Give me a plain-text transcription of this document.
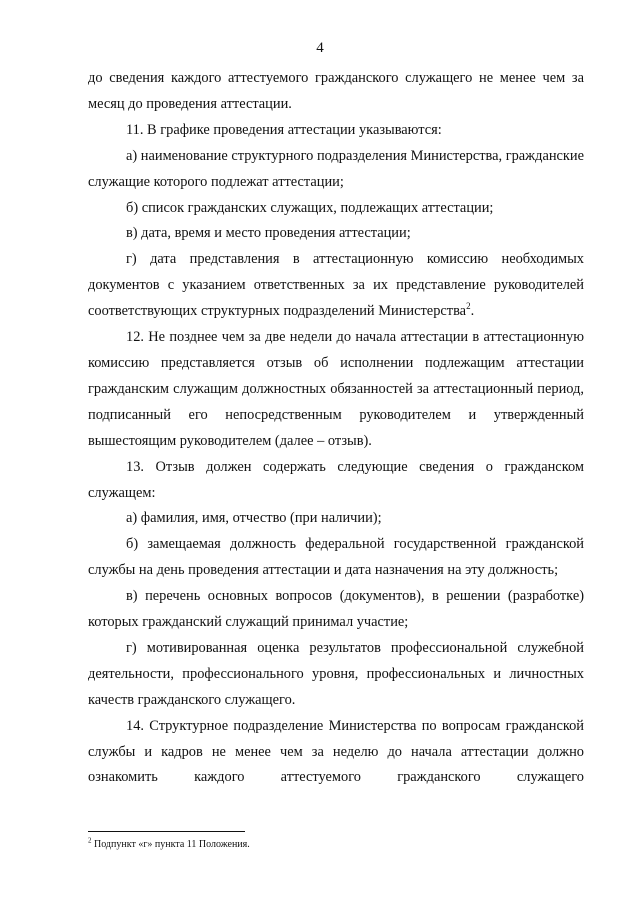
4

до сведения каждого аттестуемого гражданского служащего не менее чем за месяц до проведения аттестации.

11. В графике проведения аттестации указываются:

а) наименование структурного подразделения Министерства, гражданские служащие которого подлежат аттестации;

б) список гражданских служащих, подлежащих аттестации;

в) дата, время и место проведения аттестации;

г) дата представления в аттестационную комиссию необходимых документов с указанием ответственных за их представление руководителей соответствующих структурных подразделений Министерства$^2$.

12. Не позднее чем за две недели до начала аттестации в аттестационную комиссию представляется отзыв об исполнении подлежащим аттестации гражданским служащим должностных обязанностей за аттестационный период, подписанный его непосредственным руководителем и утвержденный вышестоящим руководителем (далее – отзыв).

13. Отзыв должен содержать следующие сведения о гражданском служащем:

а) фамилия, имя, отчество (при наличии);

б) замещаемая должность федеральной государственной гражданской службы на день проведения аттестации и дата назначения на эту должность;

в) перечень основных вопросов (документов), в решении (разработке) которых гражданский служащий принимал участие;

г) мотивированная оценка результатов профессиональной служебной деятельности, профессионального уровня, профессиональных и личностных качеств гражданского служащего.

14. Структурное подразделение Министерства по вопросам гражданской службы и кадров не менее чем за неделю до начала аттестации должно ознакомить каждого аттестуемого гражданского служащего

$^2$ Подпункт «г» пункта 11 Положения.
